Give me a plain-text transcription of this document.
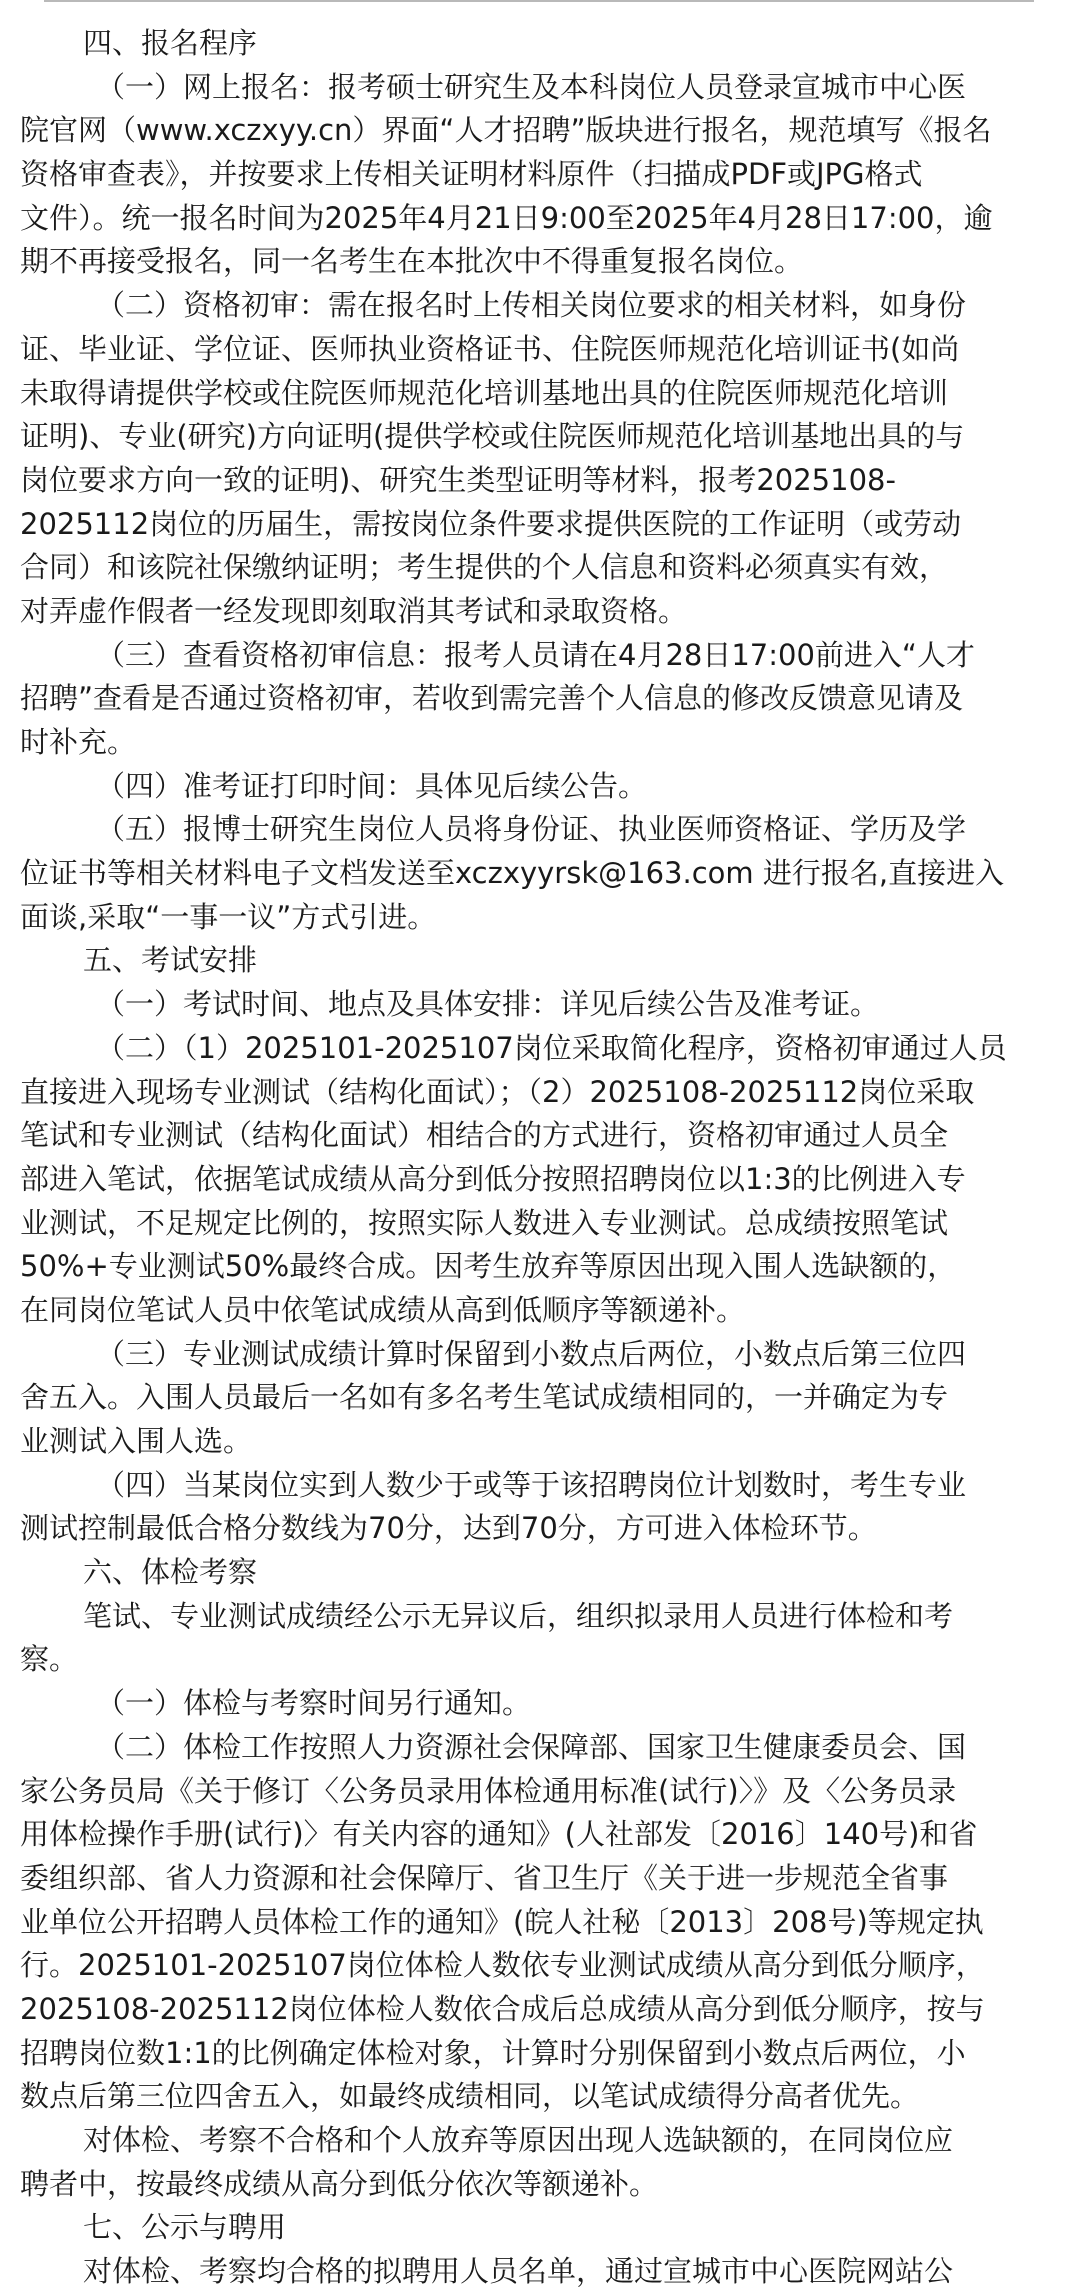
四、报名程序
（一）网上报名：报考硕士研究生及本科岗位人员登录宣城市中心医
院官网（www.xczxyy.cn）界面“人才招聘”版块进行报名，规范填写《报名
资格审查表》，并按要求上传相关证明材料原件（扫描成PDF或JPG格式
文件）。统一报名时间为2025年4月21日9:00至2025年4月28日17:00，逾
期不再接受报名，同一名考生在本批次中不得重复报名岗位。
（二）资格初审：需在报名时上传相关岗位要求的相关材料，如身份
证、毕业证、学位证、医师执业资格证书、住院医师规范化培训证书(如尚
未取得请提供学校或住院医师规范化培训基地出具的住院医师规范化培训
证明)、专业(研究)方向证明(提供学校或住院医师规范化培训基地出具的与
岗位要求方向一致的证明)、研究生类型证明等材料，报考2025108-
2025112岗位的历届生，需按岗位条件要求提供医院的工作证明（或劳动
合同）和该院社保缴纳证明；考生提供的个人信息和资料必须真实有效，
对弄虚作假者一经发现即刻取消其考试和录取资格。
（三）查看资格初审信息：报考人员请在4月28日17:00前进入“人才
招聘”查看是否通过资格初审，若收到需完善个人信息的修改反馈意见请及
时补充。
（四）准考证打印时间：具体见后续公告。
（五）报博士研究生岗位人员将身份证、执业医师资格证、学历及学
位证书等相关材料电子文档发送至xczxyyrsk@163.com 进行报名,直接进入
面谈,采取“一事一议”方式引进。
五、考试安排
（一）考试时间、地点及具体安排：详见后续公告及准考证。
（二）（1）2025101-2025107岗位采取简化程序，资格初审通过人员
直接进入现场专业测试（结构化面试）；（2）2025108-2025112岗位采取
笔试和专业测试（结构化面试）相结合的方式进行，资格初审通过人员全
部进入笔试，依据笔试成绩从高分到低分按照招聘岗位以1:3的比例进入专
业测试，不足规定比例的，按照实际人数进入专业测试。总成绩按照笔试
50%+专业测试50%最终合成。因考生放弃等原因出现入围人选缺额的，
在同岗位笔试人员中依笔试成绩从高到低顺序等额递补。
（三）专业测试成绩计算时保留到小数点后两位，小数点后第三位四
舍五入。入围人员最后一名如有多名考生笔试成绩相同的，一并确定为专
业测试入围人选。
（四）当某岗位实到人数少于或等于该招聘岗位计划数时，考生专业
测试控制最低合格分数线为70分，达到70分，方可进入体检环节。
六、体检考察
笔试、专业测试成绩经公示无异议后，组织拟录用人员进行体检和考
察。
（一）体检与考察时间另行通知。
（二）体检工作按照人力资源社会保障部、国家卫生健康委员会、国
家公务员局《关于修订〈公务员录用体检通用标准(试行)〉》及〈公务员录
用体检操作手册(试行)〉有关内容的通知》(人社部发〔2016〕140号)和省
委组织部、省人力资源和社会保障厅、省卫生厅《关于进一步规范全省事
业单位公开招聘人员体检工作的通知》(皖人社秘〔2013〕208号)等规定执
行。2025101-2025107岗位体检人数依专业测试成绩从高分到低分顺序，
2025108-2025112岗位体检人数依合成后总成绩从高分到低分顺序，按与
招聘岗位数1:1的比例确定体检对象，计算时分别保留到小数点后两位，小
数点后第三位四舍五入，如最终成绩相同，以笔试成绩得分高者优先。
对体检、考察不合格和个人放弃等原因出现人选缺额的，在同岗位应
聘者中，按最终成绩从高分到低分依次等额递补。
七、公示与聘用
对体检、考察均合格的拟聘用人员名单，通过宣城市中心医院网站公
